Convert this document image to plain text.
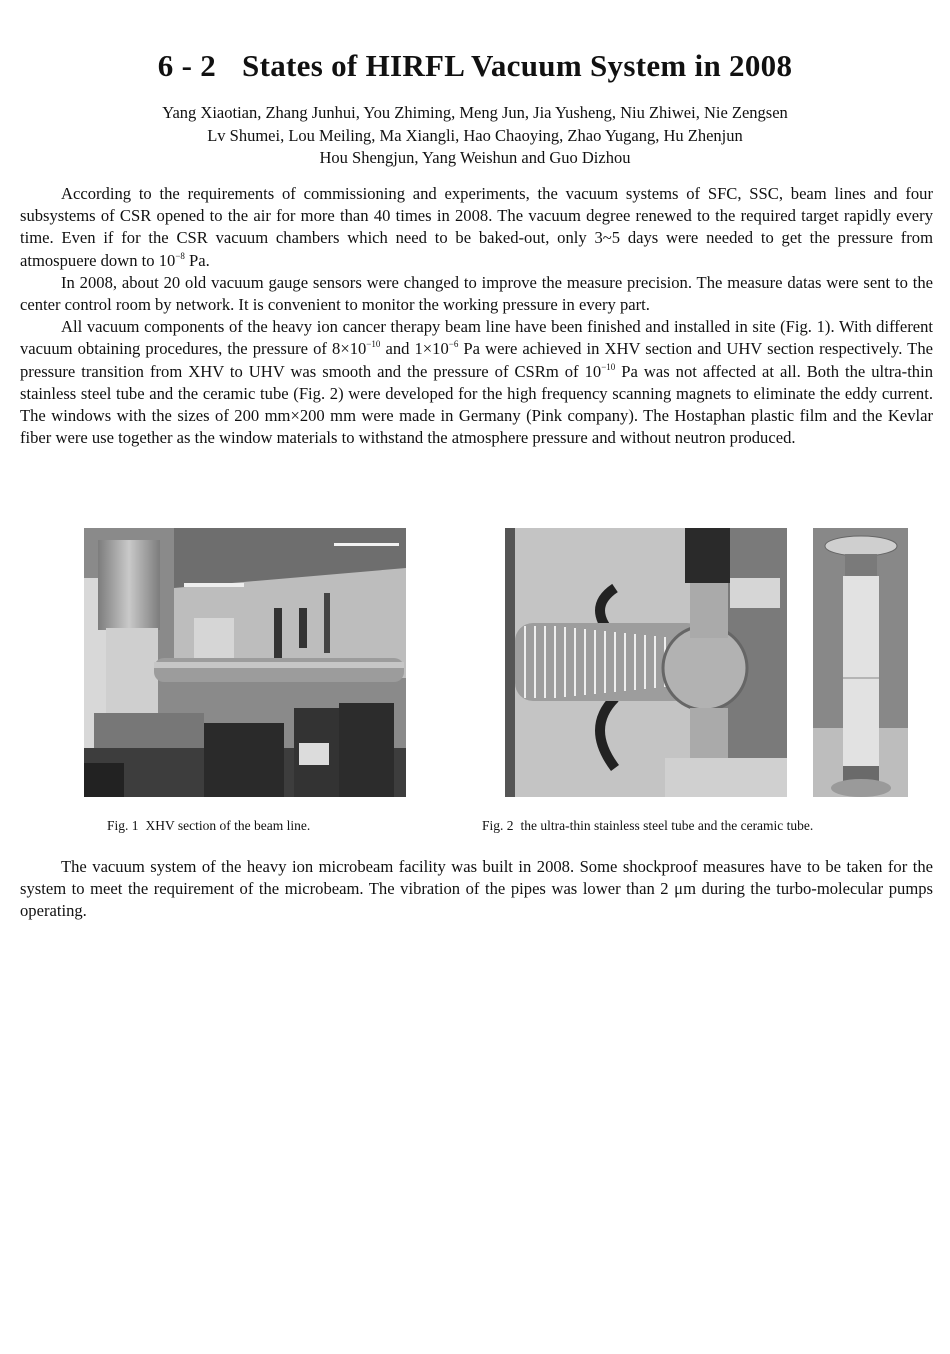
6 - 2 States of HIRFL Vacuum System in 2008
Yang Xiaotian, Zhang Junhui, You Zhiming, Meng Jun, Jia Yusheng, Niu Zhiwei, Nie Zengsen
Lv Shumei, Lou Meiling, Ma Xiangli, Hao Chaoying, Zhao Yugang, Hu Zhenjun
Hou Shengjun, Yang Weishun and Guo Dizhou

According to the requirements of commissioning and experiments, the vacuum systems of SFC, SSC, beam lines and four subsystems of CSR opened to the air for more than 40 times in 2008. The vacuum degree renewed to the required target rapidly every time. Even if for the CSR vacuum chambers which need to be baked-out, only 3~5 days were needed to get the pressure from atmospuere down to $10^{-8}$ Pa.

In 2008, about 20 old vacuum gauge sensors were changed to improve the measure precision. The measure datas were sent to the center control room by network. It is convenient to monitor the working pressure in every part.

All vacuum components of the heavy ion cancer therapy beam line have been finished and installed in site (Fig. 1). With different vacuum obtaining procedures, the pressure of $8\times 10^{-10}$ and $1\times 10^{-6}$ Pa were achieved in XHV section and UHV section respectively. The pressure transition from XHV to UHV was smooth and the pressure of CSRm of $10^{-10}$ Pa was not affected at all. Both the ultra-thin stainless steel tube and the ceramic tube (Fig. 2) were developed for the high frequency scanning magnets to eliminate the eddy current. The windows with the sizes of 200 mm×200 mm were made in Germany (Pink company). The Hostaphan plastic film and the Kevlar fiber were use together as the window materials to withstand the atmosphere pressure and without neutron produced.

Fig. 1 XHV section of the beam line.	Fig. 2 the ultra-thin stainless steel tube and the ceramic tube.

The vacuum system of the heavy ion microbeam facility was built in 2008. Some shockproof measures have to be taken for the system to meet the requirement of the microbeam. The vibration of the pipes was lower than 2 μm during the turbo-molecular pumps operating.
